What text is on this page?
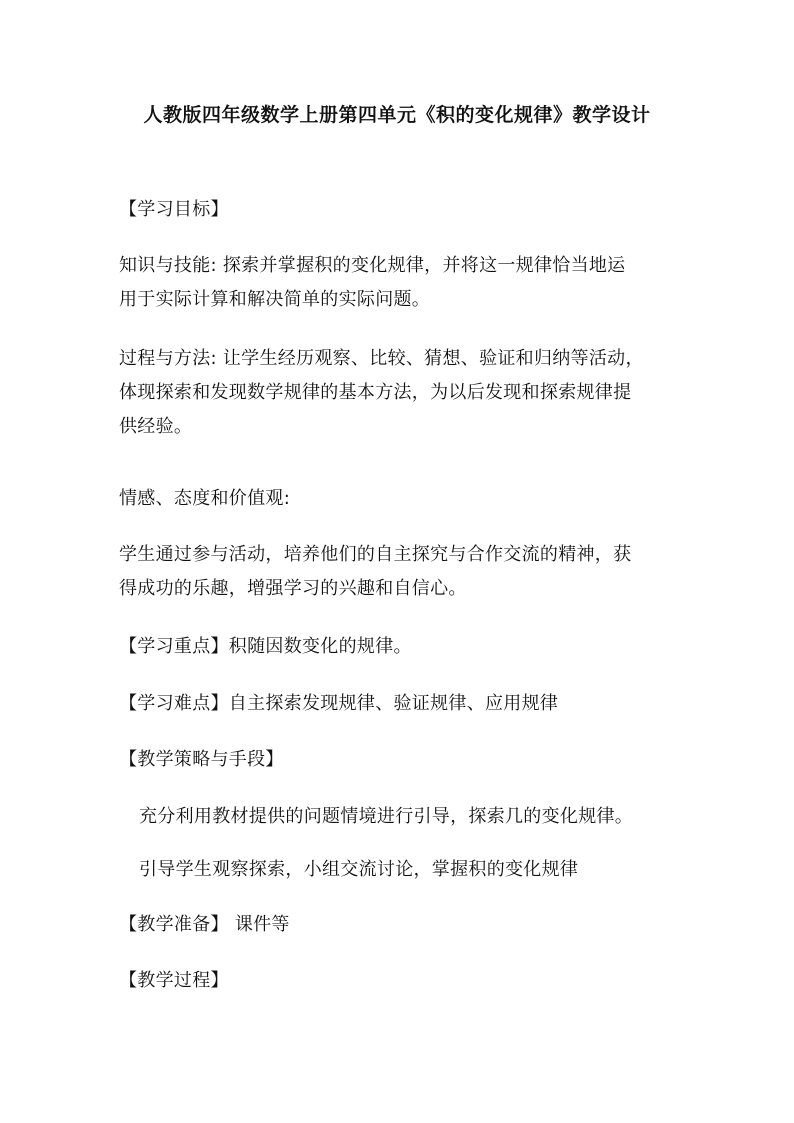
人教版四年级数学上册第四单元《积的变化规律》教学设计

【学习目标】

知识与技能: 探索并掌握积的变化规律，并将这一规律恰当地运
用于实际计算和解决简单的实际问题。

过程与方法: 让学生经历观察、比较、猜想、验证和归纳等活动，
体现探索和发现数学规律的基本方法，为以后发现和探索规律提
供经验。

情感、态度和价值观:

学生通过参与活动，培养他们的自主探究与合作交流的精神，获
得成功的乐趣，增强学习的兴趣和自信心。

【学习重点】积随因数变化的规律。

【学习难点】自主探索发现规律、验证规律、应用规律

【教学策略与手段】

充分利用教材提供的问题情境进行引导，探索几的变化规律。

引导学生观察探索，小组交流讨论，掌握积的变化规律

【教学准备】 课件等

【教学过程】
